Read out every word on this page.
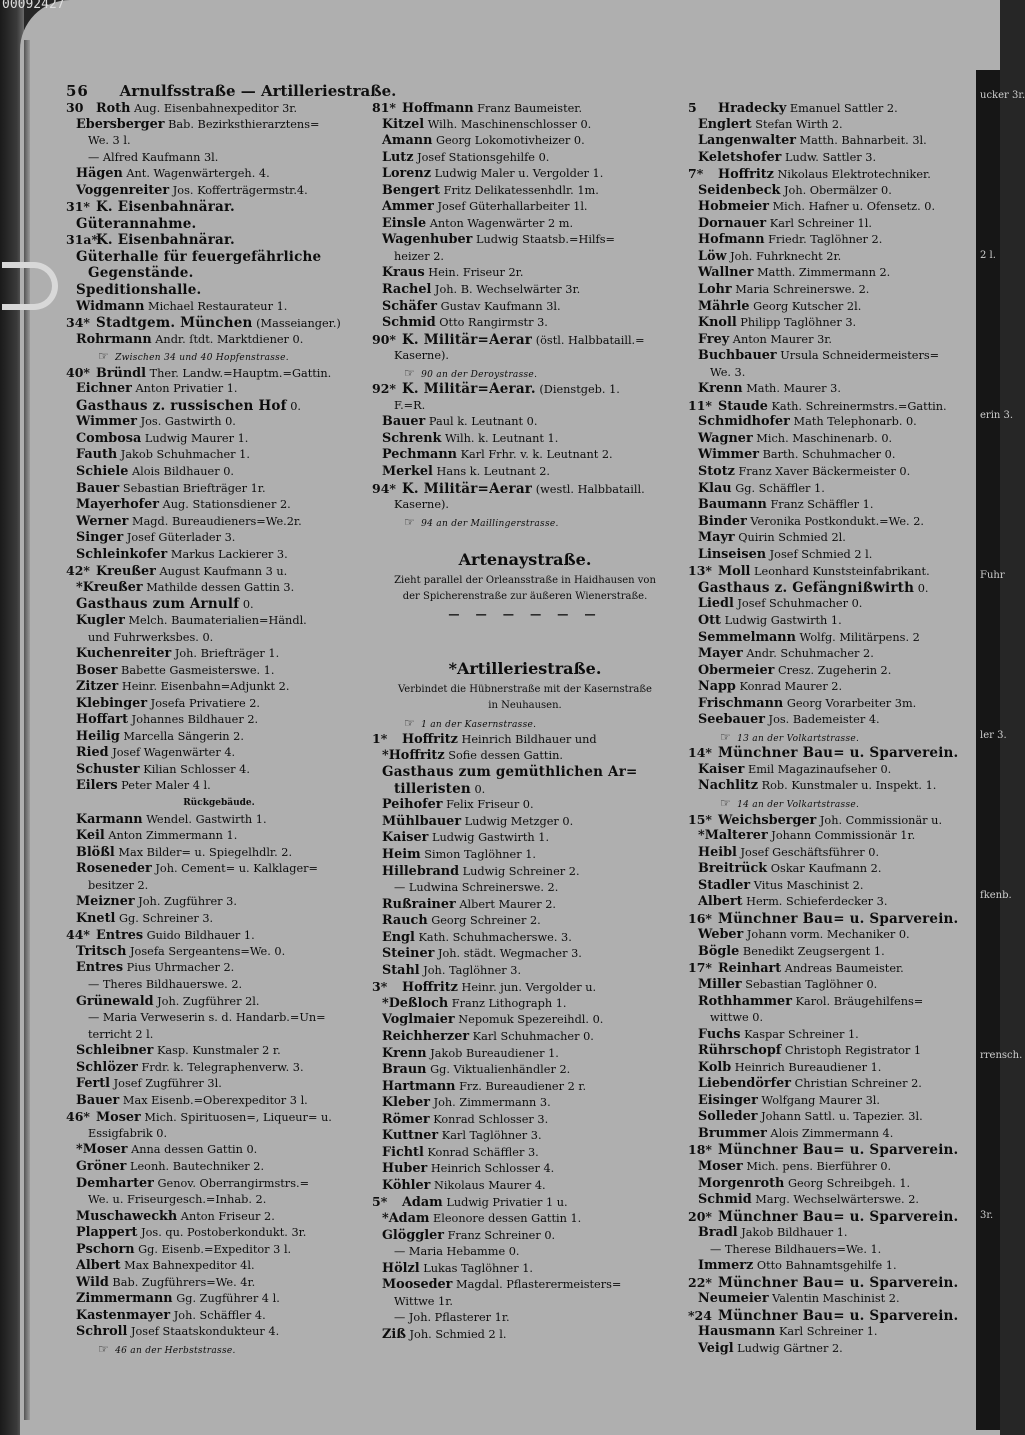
00092427
ucker 3r.
2 l.
erin 3.
Fuhr
ler 3.
fkenb.
rrensch.
3r.
56 Arnulfsstraße — Artilleriestraße.
30 Roth Aug. Eisenbahnexpeditor 3r.
Ebersberger Bab. Bezirksthierarztens=
We. 3 l.
— Alfred Kaufmann 3l.
Hägen Ant. Wagenwärtergeh. 4.
Voggenreiter Jos. Kofferträgermstr.4.
31* K. Eisenbahnärar.
Güterannahme.
31a*K. Eisenbahnärar.
Güterhalle für feuergefährliche
Gegenstände.
Speditionshalle.
Widmann Michael Restaurateur 1.
34* Stadtgem. München (Masseianger.)
Rohrmann Andr. ſtdt. Marktdiener 0.
☞ Zwischen 34 und 40 Hopfenstrasse.
40* Bründl Ther. Landw.=Hauptm.=Gattin.
Eichner Anton Privatier 1.
Gasthaus z. russischen Hof 0.
Wimmer Jos. Gastwirth 0.
Combosa Ludwig Maurer 1.
Fauth Jakob Schuhmacher 1.
Schiele Alois Bildhauer 0.
Bauer Sebastian Briefträger 1r.
Mayerhofer Aug. Stationsdiener 2.
Werner Magd. Bureaudieners=We.2r.
Singer Josef Güterlader 3.
Schleinkofer Markus Lackierer 3.
42* Kreußer August Kaufmann 3 u.
*Kreußer Mathilde dessen Gattin 3.
Gasthaus zum Arnulf 0.
Kugler Melch. Baumaterialien=Händl.
und Fuhrwerksbes. 0.
Kuchenreiter Joh. Briefträger 1.
Boser Babette Gasmeisterswe. 1.
Zitzer Heinr. Eisenbahn=Adjunkt 2.
Klebinger Josefa Privatiere 2.
Hoffart Johannes Bildhauer 2.
Heilig Marcella Sängerin 2.
Ried Josef Wagenwärter 4.
Schuster Kilian Schlosser 4.
Eilers Peter Maler 4 l.
Rückgebäude.
Karmann Wendel. Gastwirth 1.
Keil Anton Zimmermann 1.
Blößl Max Bilder= u. Spiegelhdlr. 2.
Roseneder Joh. Cement= u. Kalklager=
besitzer 2.
Meizner Joh. Zugführer 3.
Knetl Gg. Schreiner 3.
44* Entres Guido Bildhauer 1.
Tritsch Josefa Sergeantens=We. 0.
Entres Pius Uhrmacher 2.
— Theres Bildhauerswe. 2.
Grünewald Joh. Zugführer 2l.
— Maria Verweserin s. d. Handarb.=Un=
terricht 2 l.
Schleibner Kasp. Kunstmaler 2 r.
Schlözer Frdr. k. Telegraphenverw. 3.
Fertl Josef Zugführer 3l.
Bauer Max Eisenb.=Oberexpeditor 3 l.
46* Moser Mich. Spirituosen=, Liqueur= u.
Essigfabrik 0.
*Moser Anna dessen Gattin 0.
Gröner Leonh. Bautechniker 2.
Demharter Genov. Oberrangirmstrs.=
We. u. Friseurgesch.=Inhab. 2.
Muschaweckh Anton Friseur 2.
Plappert Jos. qu. Postoberkondukt. 3r.
Pschorn Gg. Eisenb.=Expeditor 3 l.
Albert Max Bahnexpeditor 4l.
Wild Bab. Zugführers=We. 4r.
Zimmermann Gg. Zugführer 4 l.
Kastenmayer Joh. Schäffler 4.
Schroll Josef Staatskondukteur 4.
☞ 46 an der Herbststrasse.
81* Hoffmann Franz Baumeister.
Kitzel Wilh. Maschinenschlosser 0.
Amann Georg Lokomotivheizer 0.
Lutz Josef Stationsgehilfe 0.
Lorenz Ludwig Maler u. Vergolder 1.
Bengert Fritz Delikatessenhdlr. 1m.
Ammer Josef Güterhallarbeiter 1l.
Einsle Anton Wagenwärter 2 m.
Wagenhuber Ludwig Staatsb.=Hilfs=
heizer 2.
Kraus Hein. Friseur 2r.
Rachel Joh. B. Wechselwärter 3r.
Schäfer Gustav Kaufmann 3l.
Schmid Otto Rangirmstr 3.
90* K. Militär=Aerar (östl. Halbbataill.=
Kaserne).
☞ 90 an der Deroystrasse.
92* K. Militär=Aerar. (Dienstgeb. 1.
F.=R.
Bauer Paul k. Leutnant 0.
Schrenk Wilh. k. Leutnant 1.
Pechmann Karl Frhr. v. k. Leutnant 2.
Merkel Hans k. Leutnant 2.
94* K. Militär=Aerar (westl. Halbbataill.
Kaserne).
☞ 94 an der Maillingerstrasse.
Artenaystraße.
Zieht parallel der Orleansstraße in Haidhausen von
der Spicherenstraße zur äußeren Wienerstraße.
— — — — — —
*Artilleriestraße.
Verbindet die Hübnerstraße mit der Kasernstraße
in Neuhausen.
☞ 1 an der Kasernstrasse.
1* Hoffritz Heinrich Bildhauer und
*Hoffritz Sofie dessen Gattin.
Gasthaus zum gemüthlichen Ar=
tilleristen 0.
Peihofer Felix Friseur 0.
Mühlbauer Ludwig Metzger 0.
Kaiser Ludwig Gastwirth 1.
Heim Simon Taglöhner 1.
Hillebrand Ludwig Schreiner 2.
— Ludwina Schreinerswe. 2.
Rußrainer Albert Maurer 2.
Rauch Georg Schreiner 2.
Engl Kath. Schuhmacherswe. 3.
Steiner Joh. städt. Wegmacher 3.
Stahl Joh. Taglöhner 3.
3* Hoffritz Heinr. jun. Vergolder u.
*Deßloch Franz Lithograph 1.
Voglmaier Nepomuk Spezereihdl. 0.
Reichherzer Karl Schuhmacher 0.
Krenn Jakob Bureaudiener 1.
Braun Gg. Viktualienhändler 2.
Hartmann Frz. Bureaudiener 2 r.
Kleber Joh. Zimmermann 3.
Römer Konrad Schlosser 3.
Kuttner Karl Taglöhner 3.
Fichtl Konrad Schäffler 3.
Huber Heinrich Schlosser 4.
Köhler Nikolaus Maurer 4.
5* Adam Ludwig Privatier 1 u.
*Adam Eleonore dessen Gattin 1.
Glöggler Franz Schreiner 0.
— Maria Hebamme 0.
Hölzl Lukas Taglöhner 1.
Mooseder Magdal. Pflasterermeisters=
Wittwe 1r.
— Joh. Pflasterer 1r.
Ziß Joh. Schmied 2 l.
5 Hradecky Emanuel Sattler 2.
Englert Stefan Wirth 2.
Langenwalter Matth. Bahnarbeit. 3l.
Keletshofer Ludw. Sattler 3.
7* Hoffritz Nikolaus Elektrotechniker.
Seidenbeck Joh. Obermälzer 0.
Hobmeier Mich. Hafner u. Ofensetz. 0.
Dornauer Karl Schreiner 1l.
Hofmann Friedr. Taglöhner 2.
Löw Joh. Fuhrknecht 2r.
Wallner Matth. Zimmermann 2.
Lohr Maria Schreinerswe. 2.
Mährle Georg Kutscher 2l.
Knoll Philipp Taglöhner 3.
Frey Anton Maurer 3r.
Buchbauer Ursula Schneidermeisters=
We. 3.
Krenn Math. Maurer 3.
11* Staude Kath. Schreinermstrs.=Gattin.
Schmidhofer Math Telephonarb. 0.
Wagner Mich. Maschinenarb. 0.
Wimmer Barth. Schuhmacher 0.
Stotz Franz Xaver Bäckermeister 0.
Klau Gg. Schäffler 1.
Baumann Franz Schäffler 1.
Binder Veronika Postkondukt.=We. 2.
Mayr Quirin Schmied 2l.
Linseisen Josef Schmied 2 l.
13* Moll Leonhard Kunststeinfabrikant.
Gasthaus z. Gefängnißwirth 0.
Liedl Josef Schuhmacher 0.
Ott Ludwig Gastwirth 1.
Semmelmann Wolfg. Militärpens. 2
Mayer Andr. Schuhmacher 2.
Obermeier Cresz. Zugeherin 2.
Napp Konrad Maurer 2.
Frischmann Georg Vorarbeiter 3m.
Seebauer Jos. Bademeister 4.
☞ 13 an der Volkartstrasse.
14* Münchner Bau= u. Sparverein.
Kaiser Emil Magazinaufseher 0.
Nachlitz Rob. Kunstmaler u. Inspekt. 1.
☞ 14 an der Volkartstrasse.
15* Weichsberger Joh. Commissionär u.
*Malterer Johann Commissionär 1r.
Heibl Josef Geschäftsführer 0.
Breitrück Oskar Kaufmann 2.
Stadler Vitus Maschinist 2.
Albert Herm. Schieferdecker 3.
16* Münchner Bau= u. Sparverein.
Weber Johann vorm. Mechaniker 0.
Bögle Benedikt Zeugsergent 1.
17* Reinhart Andreas Baumeister.
Miller Sebastian Taglöhner 0.
Rothhammer Karol. Bräugehilfens=
wittwe 0.
Fuchs Kaspar Schreiner 1.
Rührschopf Christoph Registrator 1
Kolb Heinrich Bureaudiener 1.
Liebendörfer Christian Schreiner 2.
Eisinger Wolfgang Maurer 3l.
Solleder Johann Sattl. u. Tapezier. 3l.
Brummer Alois Zimmermann 4.
18* Münchner Bau= u. Sparverein.
Moser Mich. pens. Bierführer 0.
Morgenroth Georg Schreibgeh. 1.
Schmid Marg. Wechselwärterswe. 2.
20* Münchner Bau= u. Sparverein.
Bradl Jakob Bildhauer 1.
— Therese Bildhauers=We. 1.
Immerz Otto Bahnamtsgehilfe 1.
22* Münchner Bau= u. Sparverein.
Neumeier Valentin Maschinist 2.
*24 Münchner Bau= u. Sparverein.
Hausmann Karl Schreiner 1.
Veigl Ludwig Gärtner 2.
